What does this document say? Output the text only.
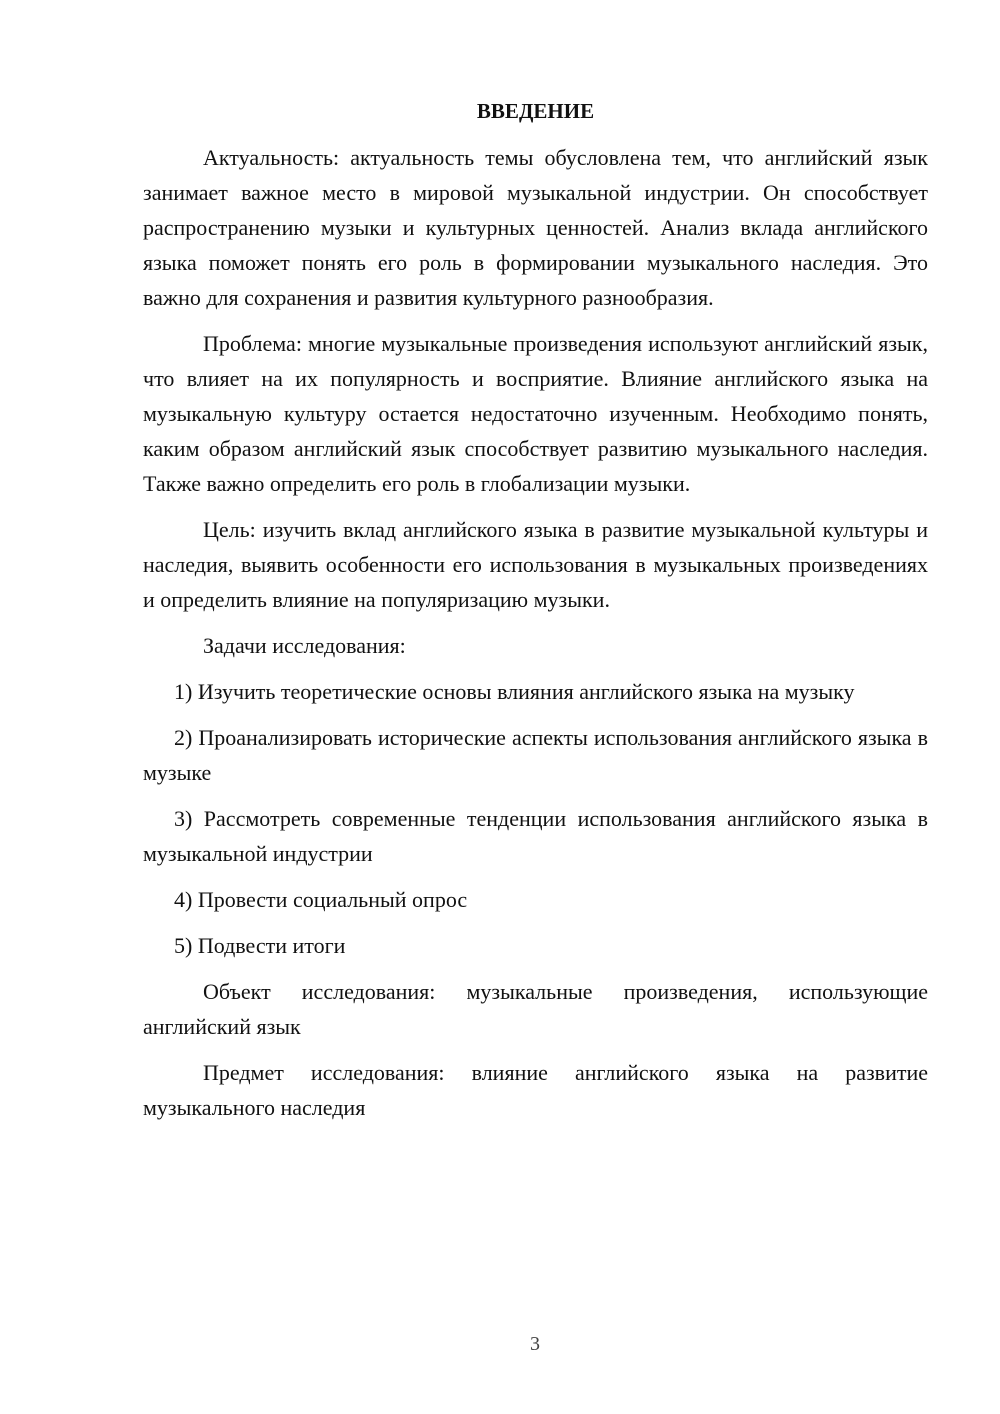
ВВЕДЕНИЕ

Актуальность: актуальность темы обусловлена тем, что английский язык занимает важное место в мировой музыкальной индустрии. Он способствует распространению музыки и культурных ценностей. Анализ вклада английского языка поможет понять его роль в формировании музыкального наследия. Это важно для сохранения и развития культурного разнообразия.

Проблема: многие музыкальные произведения используют английский язык, что влияет на их популярность и восприятие. Влияние английского языка на музыкальную культуру остается недостаточно изученным. Необходимо понять, каким образом английский язык способствует развитию музыкального наследия. Также важно определить его роль в глобализации музыки.

Цель: изучить вклад английского языка в развитие музыкальной культуры и наследия, выявить особенности его использования в музыкальных произведениях и определить влияние на популяризацию музыки.

Задачи исследования:

1) Изучить теоретические основы влияния английского языка на музыку

2) Проанализировать исторические аспекты использования английского языка в музыке

3) Рассмотреть современные тенденции использования английского языка в музыкальной индустрии

4) Провести социальный опрос

5) Подвести итоги

Объект исследования: музыкальные произведения, использующие английский язык

Предмет исследования: влияние английского языка на развитие музыкального наследия

3
